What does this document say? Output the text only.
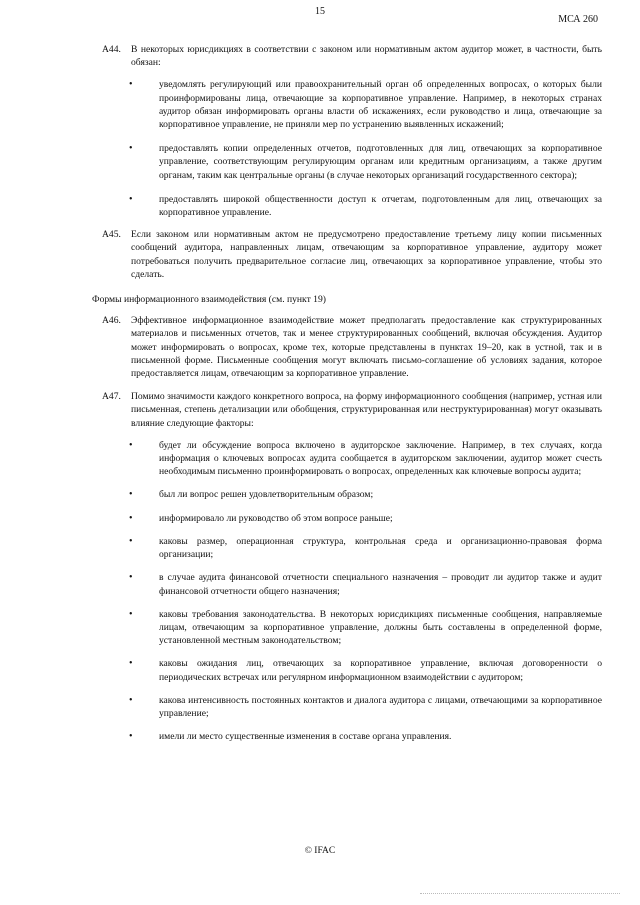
15
МСА 260
A44. В некоторых юрисдикциях в соответствии с законом или нормативным актом аудитор может, в частности, быть обязан:
•	уведомлять регулирующий или правоохранительный орган об определенных вопросах, о которых были проинформированы лица, отвечающие за корпоративное управление. Например, в некоторых странах аудитор обязан информировать органы власти об искажениях, если руководство и лица, отвечающие за корпоративное управление, не приняли мер по устранению выявленных искажений;
•	предоставлять копии определенных отчетов, подготовленных для лиц, отвечающих за корпоративное управление, соответствующим регулирующим органам или кредитным организациям, а также другим органам, таким как центральные органы (в случае некоторых организаций государственного сектора);
•	предоставлять широкой общественности доступ к отчетам, подготовленным для лиц, отвечающих за корпоративное управление.
A45. Если законом или нормативным актом не предусмотрено предоставление третьему лицу копии письменных сообщений аудитора, направленных лицам, отвечающим за корпоративное управление, аудитору может потребоваться получить предварительное согласие лиц, отвечающих за корпоративное управление, чтобы это сделать.
Формы информационного взаимодействия (см. пункт 19)
A46. Эффективное информационное взаимодействие может предполагать предоставление как структурированных материалов и письменных отчетов, так и менее структурированных сообщений, включая обсуждения. Аудитор может информировать о вопросах, кроме тех, которые представлены в пунктах 19–20, как в устной, так и в письменной форме. Письменные сообщения могут включать письмо-соглашение об условиях задания, которое предоставляется лицам, отвечающим за корпоративное управление.
A47. Помимо значимости каждого конкретного вопроса, на форму информационного сообщения (например, устная или письменная, степень детализации или обобщения, структурированная или неструктурированная) могут оказывать влияние следующие факторы:
•	будет ли обсуждение вопроса включено в аудиторское заключение. Например, в тех случаях, когда информация о ключевых вопросах аудита сообщается в аудиторском заключении, аудитор может счесть необходимым письменно проинформировать о вопросах, определенных как ключевые вопросы аудита;
•	был ли вопрос решен удовлетворительным образом;
•	информировало ли руководство об этом вопросе раньше;
•	каковы размер, операционная структура, контрольная среда и организационно-правовая форма организации;
•	в случае аудита финансовой отчетности специального назначения – проводит ли аудитор также и аудит финансовой отчетности общего назначения;
•	каковы требования законодательства. В некоторых юрисдикциях письменные сообщения, направляемые лицам, отвечающим за корпоративное управление, должны быть составлены в определенной форме, установленной местным законодательством;
•	каковы ожидания лиц, отвечающих за корпоративное управление, включая договоренности о периодических встречах или регулярном информационном взаимодействии с аудитором;
•	какова интенсивность постоянных контактов и диалога аудитора с лицами, отвечающими за корпоративное управление;
•	имели ли место существенные изменения в составе органа управления.
© IFAC
